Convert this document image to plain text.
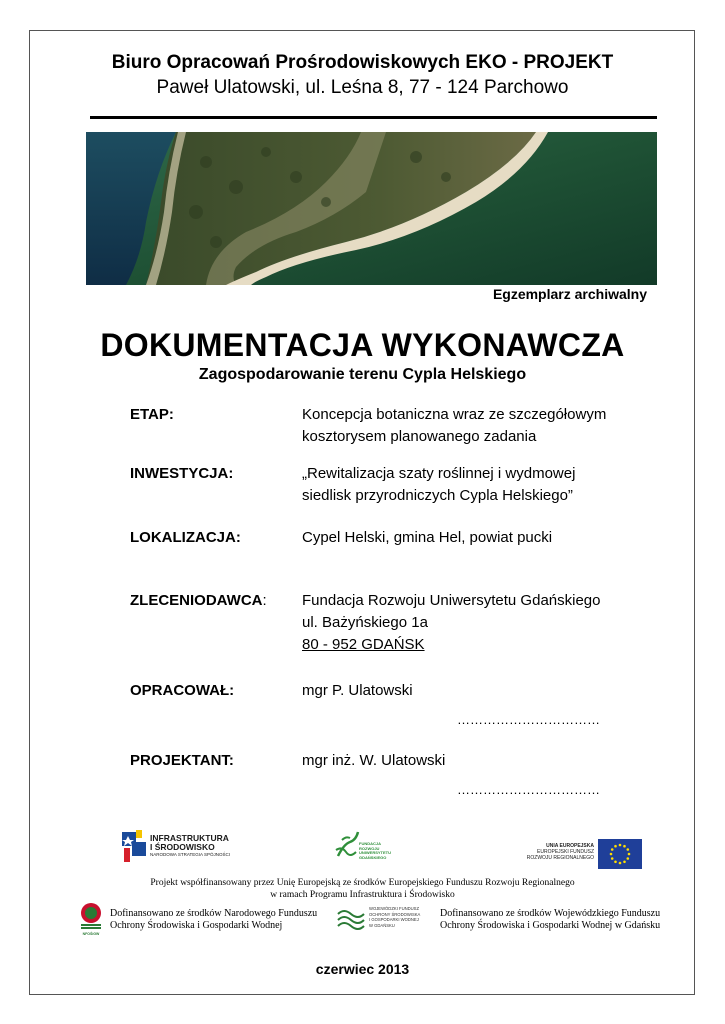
Biuro Opracowań Prośrodowiskowych EKO - PROJEKT
Paweł Ulatowski, ul. Leśna 8, 77 - 124 Parchowo
Egzemplarz archiwalny
DOKUMENTACJA WYKONAWCZA
Zagospodarowanie terenu Cypla Helskiego
ETAP:	Koncepcja botaniczna wraz ze szczegółowym
kosztorysem planowanego zadania
INWESTYCJA:	„Rewitalizacja szaty roślinnej i wydmowej
siedlisk przyrodniczych Cypla Helskiego”
LOKALIZACJA:	Cypel Helski, gmina Hel, powiat pucki
ZLECENIODAWCA: Fundacja Rozwoju Uniwersytetu Gdańskiego
ul. Bażyńskiego 1a
80 - 952 GDAŃSK
OPRACOWAŁ:	mgr P. Ulatowski
……………………………
PROJEKTANT:	mgr inż. W. Ulatowski
……………………………
INFRASTRUKTURA
I ŚRODOWISKO
NARODOWA STRATEGIA SPÓJNOŚCI
FUNDACJA
ROZWOJU
UNIWERSYTETU
GDAŃSKIEGO
UNIA EUROPEJSKA
EUROPEJSKI FUNDUSZ
ROZWOJU REGIONALNEGO
Projekt współfinansowany przez Unię Europejską ze środków Europejskiego Funduszu Rozwoju Regionalnego
w ramach Programu Infrastruktura i Środowisko
NFOŚiGW
Dofinansowano ze środków Narodowego Funduszu
Ochrony Środowiska i Gospodarki Wodnej
WOJEWÓDZKI FUNDUSZ
OCHRONY ŚRODOWISKA
I GOSPODARKI WODNEJ
W GDAŃSKU
Dofinansowano ze środków Wojewódzkiego Funduszu
Ochrony Środowiska i Gospodarki Wodnej w Gdańsku
czerwiec 2013
